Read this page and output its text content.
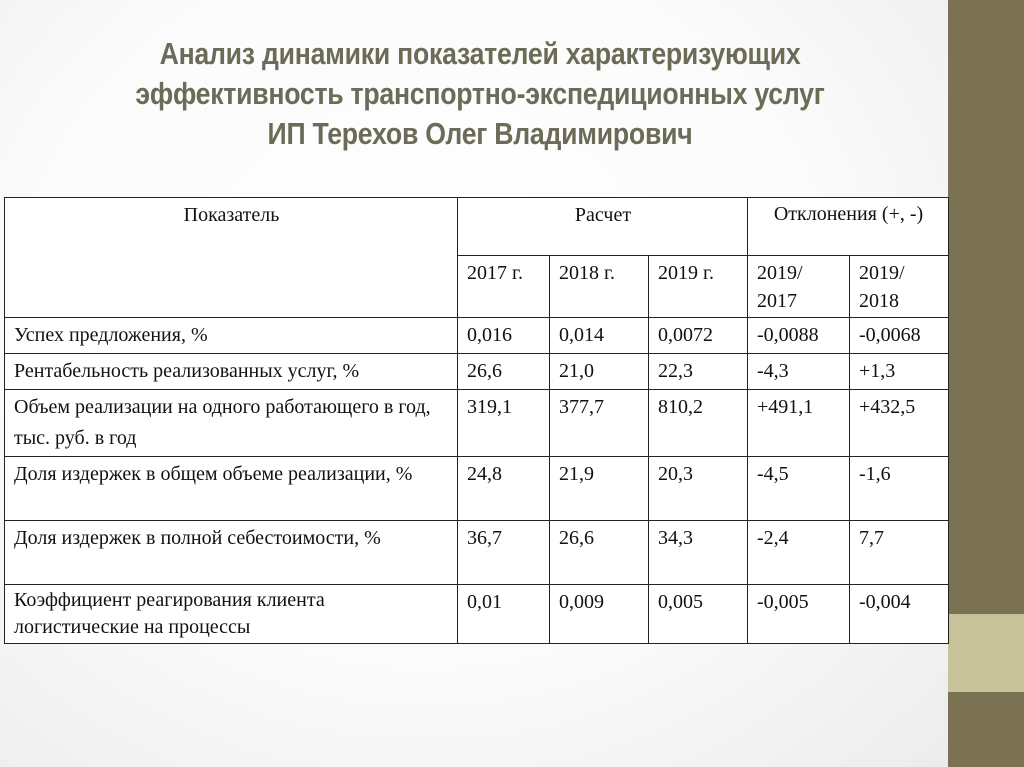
Анализ динамики показателей характеризующих
эффективность транспортно-экспедиционных услуг
ИП Терехов Олег Владимирович
Показатель	Расчет			Отклонения (+, -)	
	2017 г.	2018 г.	2019 г.	2019/ 2017	2019/ 2018
Успех предложения, %	0,016	0,014	0,0072	-0,0088	-0,0068
Рентабельность реализованных услуг, %	26,6	21,0	22,3	-4,3	+1,3
Объем реализации на одного работающего в год, тыс. руб. в год	319,1	377,7	810,2	+491,1	+432,5
Доля издержек в общем объеме реализации, %	24,8	21,9	20,3	-4,5	-1,6
Доля издержек в полной себестоимости, %	36,7	26,6	34,3	-2,4	7,7
Коэффициент реагирования клиента логистические на процессы	0,01	0,009	0,005	-0,005	-0,004
